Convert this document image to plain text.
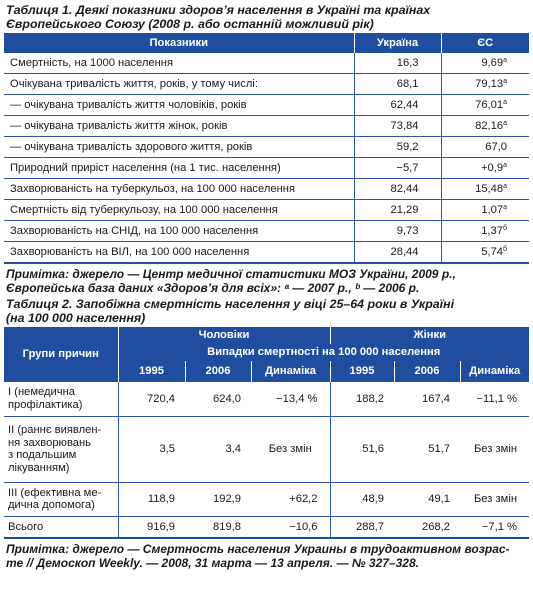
Таблиця 1. Деякі показники здоров’я населення в Україні та країнах
Європейського Союзу (2008 р. або останній можливий рік)
Показники	Україна	ЄС
Смертність, на 1000 населення	16,3	$9,69^а$
Очікувана тривалість життя, років, у тому числі:	68,1	$79,13^а$
— очікувана тривалість життя чоловіків, років	62,44	$76,01^а$
— очікувана тривалість життя жінок, років	73,84	$82,16^а$
— очікувана тривалість здорового життя, років	59,2	67,0
Природний приріст населення (на 1 тис. населення)	−5,7	$+0,9^а$
Захворюваність на туберкульоз, на 100 000 населення	82,44	$15,48^а$
Смертність від туберкульозу, на 100 000 населення	21,29	$1,07^а$
Захворюваність на СНІД, на 100 000 населення	9,73	$1,37^б$
Захворюваність на ВІЛ, на 100 000 населення	28,44	$5,74^б$
Примітка: джерело — Центр медичної статистики МОЗ України, 2009 р.,
Європейська база даних «Здоров’я для всіх»: ᵃ — 2007 р., ᵇ — 2006 р.
Таблиця 2. Запобіжна смертність населення у віці 25–64 роки в Україні
(на 100 000 населення)
Групи причин	Чоловіки			Жінки		
	Випадки смертності на 100 000 населення					
	1995	2006	Динаміка	1995	2006	Динаміка

I (немедична
профілактика)	720,4	624,0	−13,4 %	188,2	167,4	−11,1 %

II (раннє виявлен-
ня захворювань
з подальшим
лікуванням)	3,5	3,4	Без змін	51,6	51,7	Без змін

III (ефективна ме-
дична допомога)	118,9	192,9	+62,2	48,9	49,1	Без змін

Всього	916,9	819,8	−10,6	288,7	268,2	−7,1 %
Примітка: джерело — Смертность населения Украины в трудоактивном возрас-
те // Демоскоп Weekly. — 2008, 31 марта — 13 апреля. — № 327–328.
